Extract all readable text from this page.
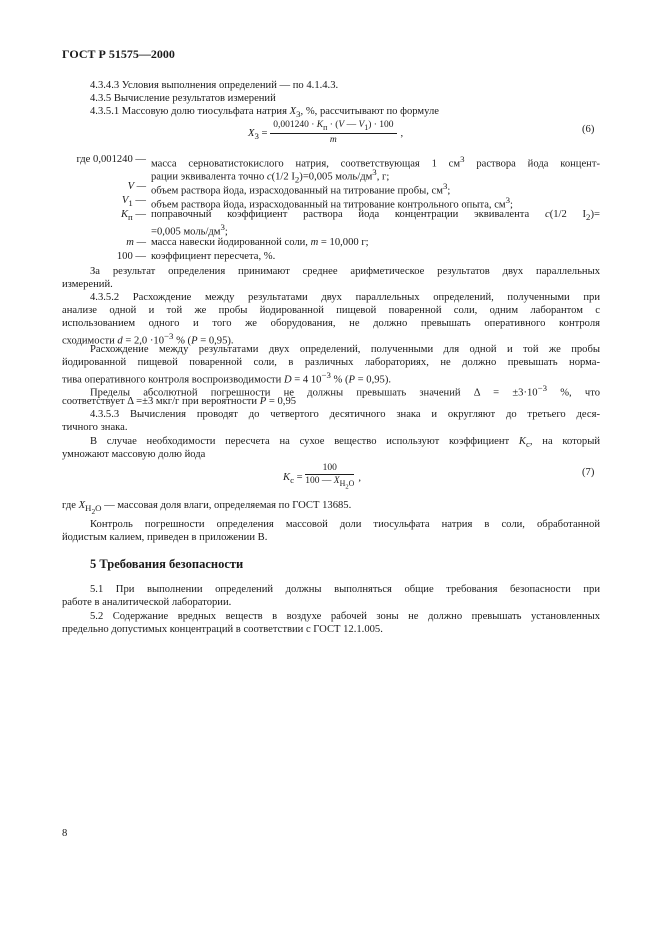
ГОСТ Р 51575—2000
4.3.4.3 Условия выполнения определений — по 4.1.4.3.
4.3.5 Вычисление результатов измерений
4.3.5.1 Массовую долю тиосульфата натрия $X_3$, %, рассчитывают по формуле
$X_3 = \frac{0,001240 \cdot K_п \cdot (V — V_1) \cdot 100}{m}$ ,	(6)
где 0,001240 — масса серноватистокислого натрия, соответствующая 1 $см^3$ раствора йода концент-
рации эквивалента точно c(1/2 $I_2)=0,005$ моль/$дм^3$, г;
V — объем раствора йода, израсходованный на титрование пробы, $см^3$;
$V_1$ — объем раствора йода, израсходованный на титрование контрольного опыта, $см^3$;
$K_п$ — поправочный коэффициент раствора йода концентрации эквивалента c(1/2 $I_2)=$
=0,005 моль/$дм^3$;
m — масса навески йодированной соли, m = 10,000 г;
100 — коэффициент пересчета, %.
За результат определения принимают среднее арифметическое результатов двух параллельных
измерений.
4.3.5.2 Расхождение между результатами двух параллельных определений, полученными при
анализе одной и той же пробы йодированной пищевой поваренной соли, одним лаборантом с
использованием одного и того же оборудования, не должно превышать оперативного контроля
сходимости $d = 2,0 \cdot 10^{-3}$ % (P = 0,95).
Расхождение между результатами двух определений, полученными для одной и той же пробы
йодированной пищевой поваренной соли, в различных лабораториях, не должно превышать норма-
тива оперативного контроля воспроизводимости D = 4 $10^{-3}$ % (P = 0,95).
Пределы абсолютной погрешности не должны превышать значений $\Delta = \pm 3\cdot 10^{-3}$ %, что
соответствует Δ =±3 мкг/г при вероятности P = 0,95
4.3.5.3 Вычисления проводят до четвертого десятичного знака и округляют до третьего деся-
тичного знака.
В случае необходимости пересчета на сухое вещество используют коэффициент $K_c$, на который
умножают массовую долю йода
$K_c = \frac{100}{100 — X_{H_2O}}$ ,	(7)
где $X_{H_2O}$ — массовая доля влаги, определяемая по ГОСТ 13685.
Контроль погрешности определения массовой доли тиосульфата натрия в соли, обработанной
йодистым калием, приведен в приложении В.
5 Требования безопасности
5.1 При выполнении определений должны выполняться общие требования безопасности при
работе в аналитической лаборатории.
5.2 Содержание вредных веществ в воздухе рабочей зоны не должно превышать установленных
предельно допустимых концентраций в соответствии с ГОСТ 12.1.005.
8
